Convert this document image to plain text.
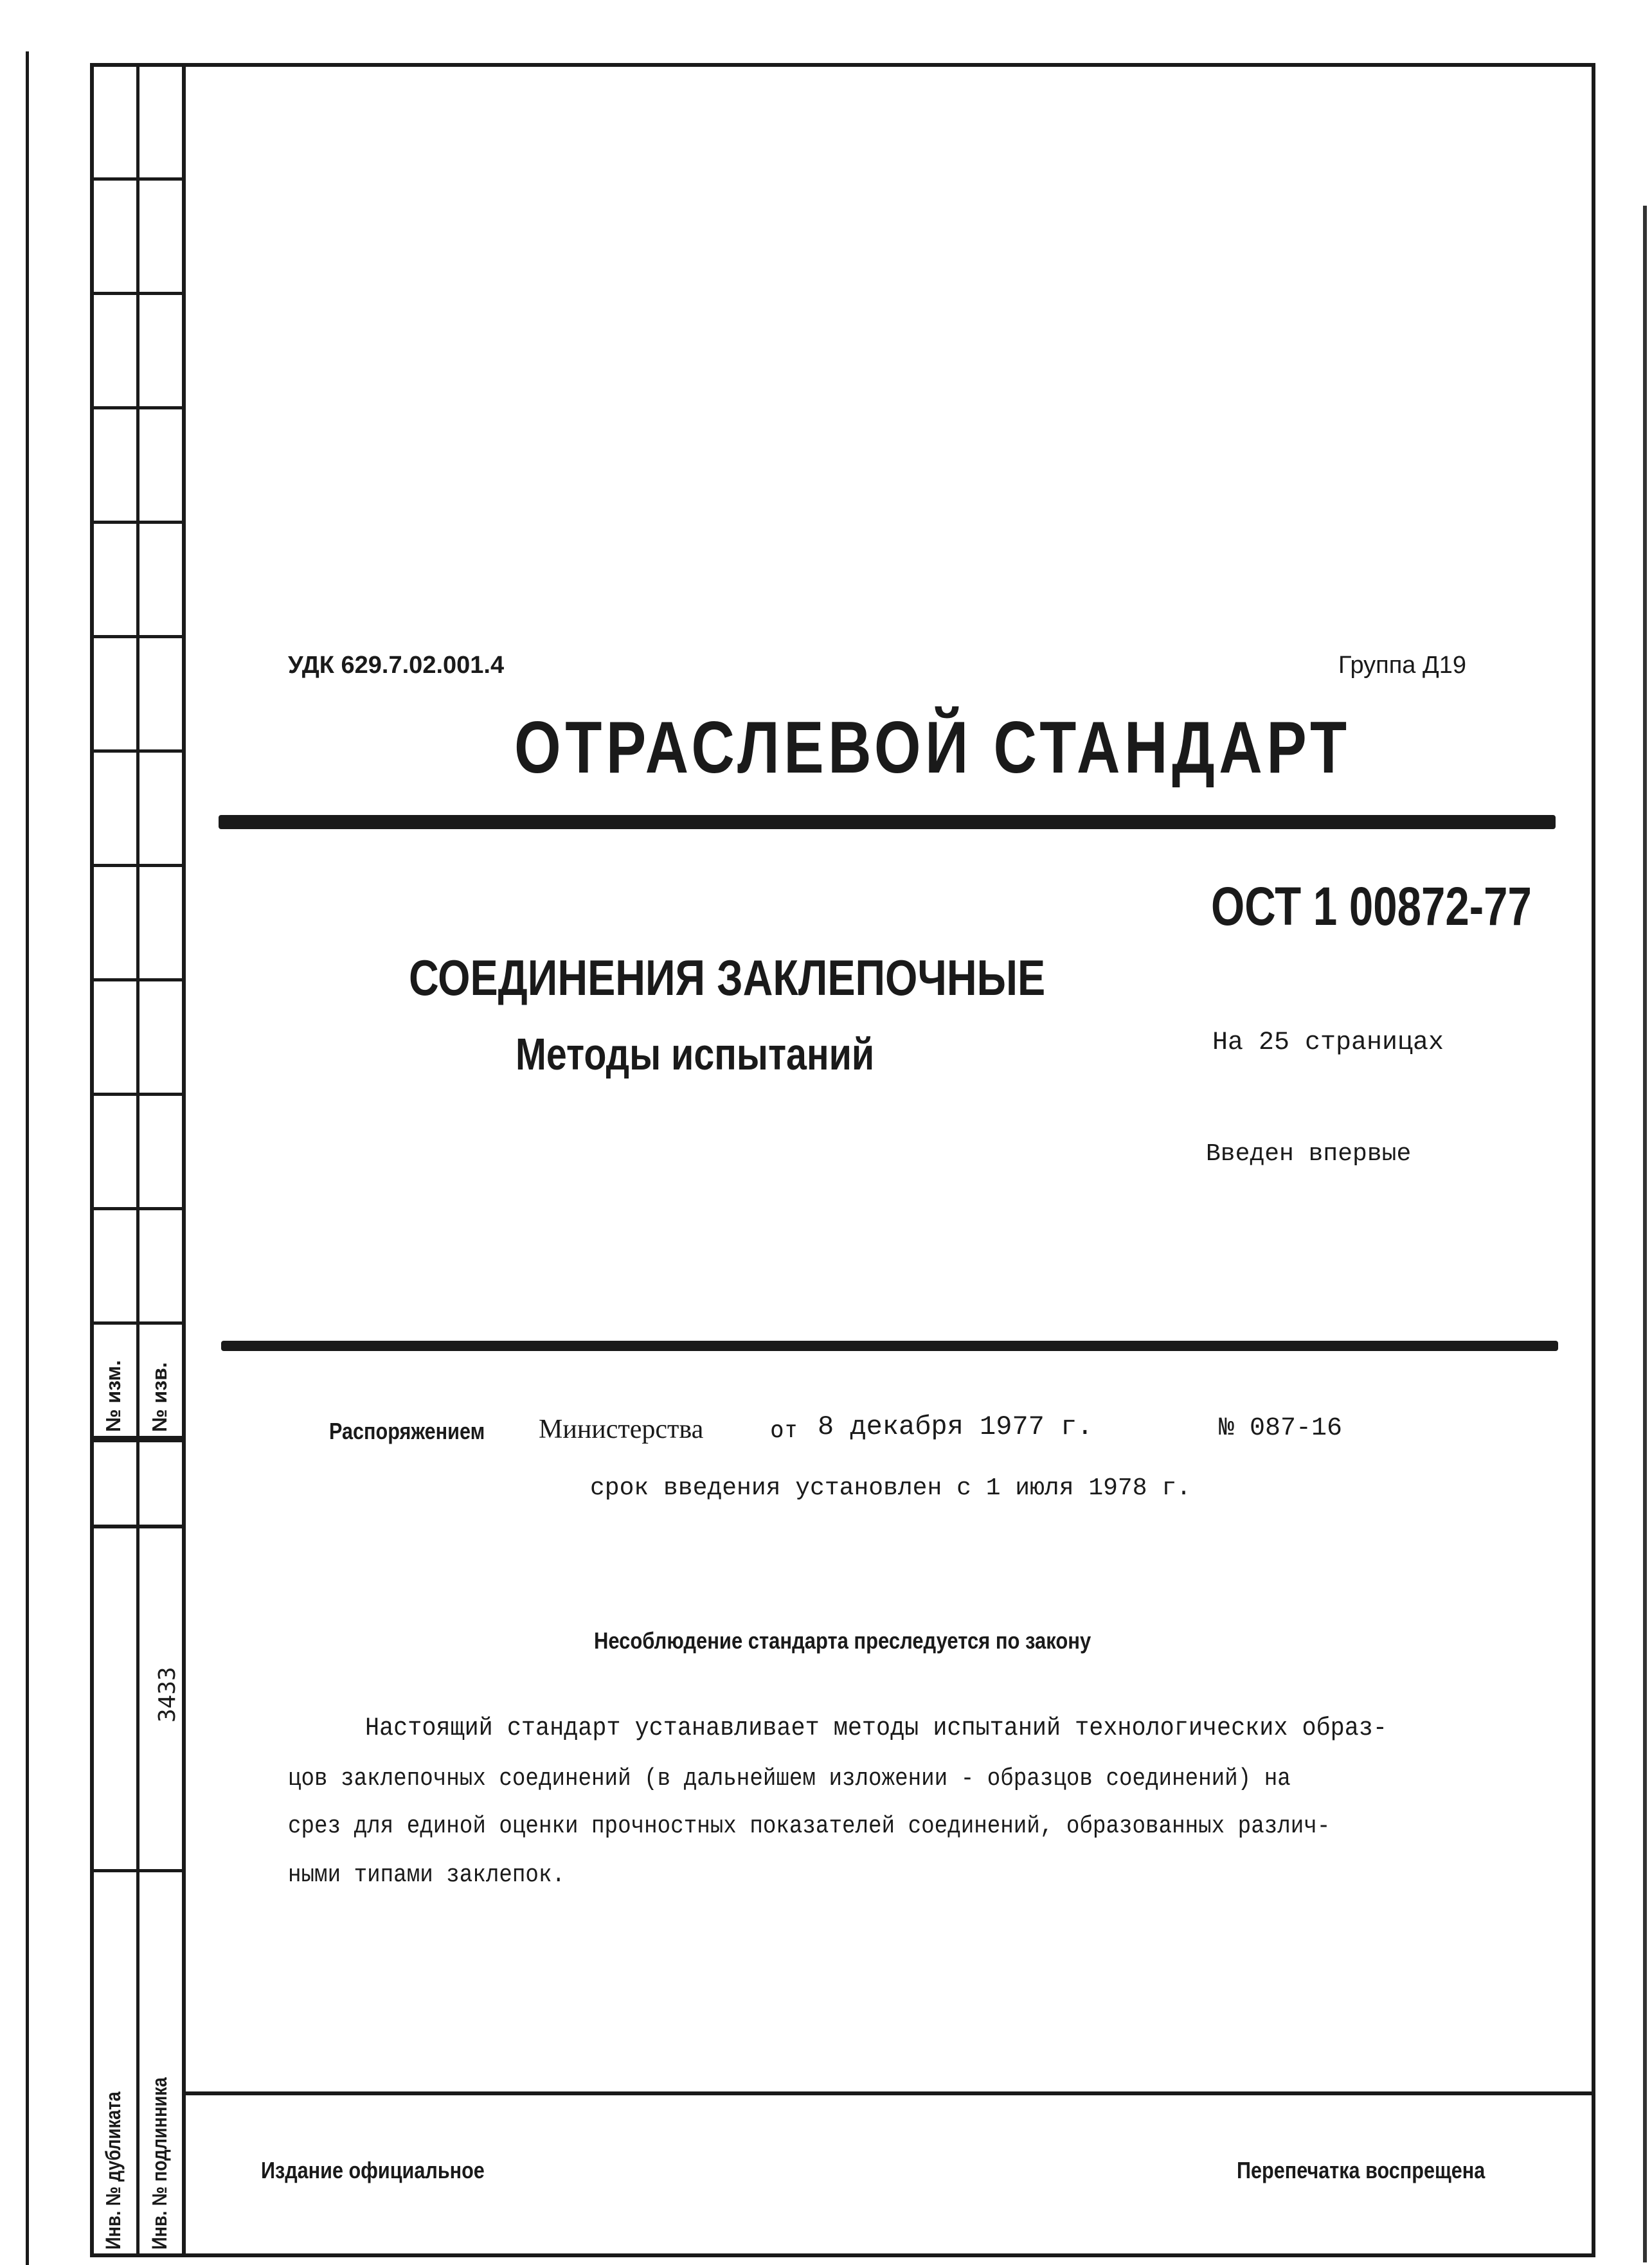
№ изм. № изв.
3433
Инв. № дубликата Инв. № подлинника
УДК 629.7.02.001.4	Группа Д19
ОТРАСЛЕВОЙ СТАНДАРТ
ОСТ 1 00872-77
СОЕДИНЕНИЯ ЗАКЛЕПОЧНЫЕ
Методы испытаний	На 25 страницах
Введен впервые
Распоряжением Министерства	от 8 декабря 1977 г.	№ 087-16
срок введения установлен с 1 июля 1978 г.
Несоблюдение стандарта преследуется по закону
Настоящий стандарт устанавливает методы испытаний технологических образ-
цов заклепочных соединений (в дальнейшем изложении - образцов соединений) на
срез для единой оценки прочностных показателей соединений, образованных различ-
ными типами заклепок.
Издание официальное	Перепечатка воспрещена
